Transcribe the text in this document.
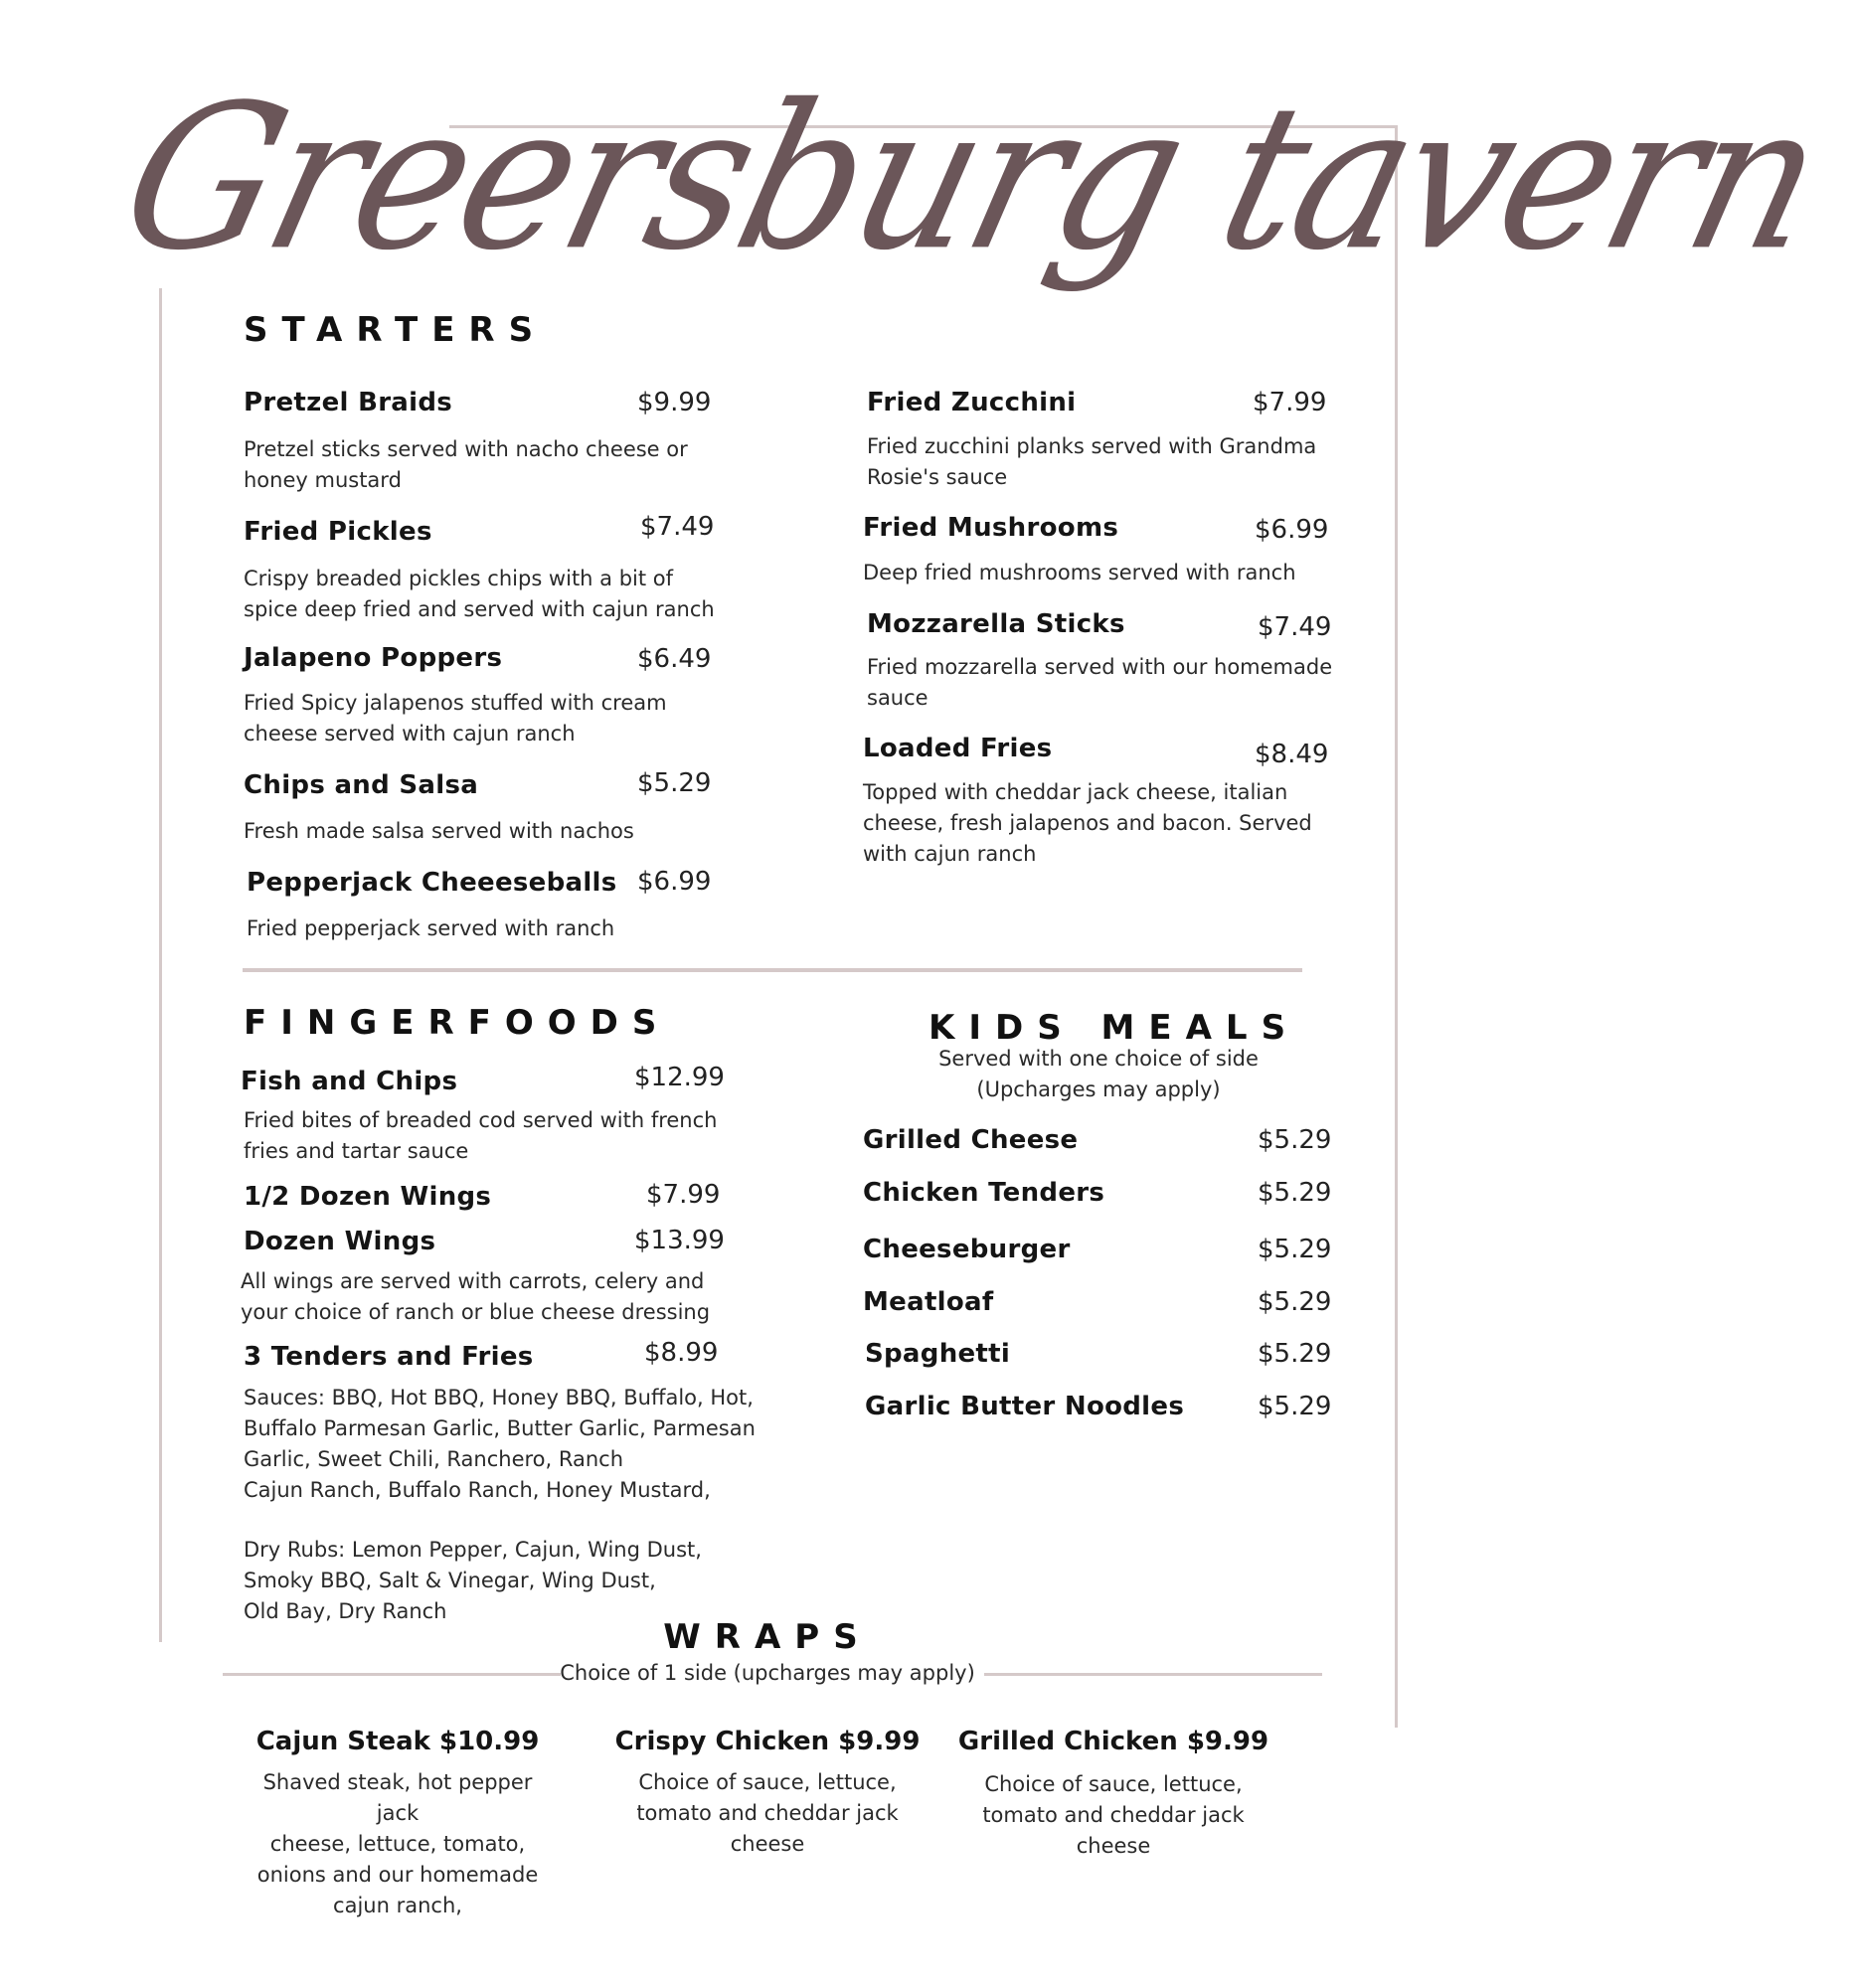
Greersburg tavern
STARTERS
Pretzel Braids	$9.99
Pretzel sticks served with nacho cheese or
honey mustard
Fried Pickles	$7.49
Crispy breaded pickles chips with a bit of
spice deep fried and served with cajun ranch
Jalapeno Poppers	$6.49
Fried Spicy jalapenos stuffed with cream
cheese served with cajun ranch
Chips and Salsa	$5.29
Fresh made salsa served with nachos
Pepperjack Cheeeseballs $6.99
Fried pepperjack served with ranch
Fried Zucchini	$7.99
Fried zucchini planks served with Grandma
Rosie's sauce
Fried Mushrooms	$6.99
Deep fried mushrooms served with ranch
Mozzarella Sticks	$7.49
Fried mozzarella served with our homemade
sauce
Loaded Fries	$8.49
Topped with cheddar jack cheese, italian
cheese, fresh jalapenos and bacon. Served
with cajun ranch
FINGERFOODS
Fish and Chips	$12.99
Fried bites of breaded cod served with french
fries and tartar sauce
1/2 Dozen Wings	$7.99
Dozen Wings	$13.99
All wings are served with carrots, celery and
your choice of ranch or blue cheese dressing
3 Tenders and Fries	$8.99
Sauces: BBQ, Hot BBQ, Honey BBQ, Buffalo, Hot,
Buffalo Parmesan Garlic, Butter Garlic, Parmesan
Garlic, Sweet Chili, Ranchero, Ranch
Cajun Ranch, Buffalo Ranch, Honey Mustard,
Dry Rubs: Lemon Pepper, Cajun, Wing Dust,
Smoky BBQ, Salt & Vinegar, Wing Dust,
Old Bay, Dry Ranch
KIDS MEALS
Served with one choice of side
(Upcharges may apply)
Grilled Cheese	$5.29
Chicken Tenders	$5.29
Cheeseburger	$5.29
Meatloaf	$5.29
Spaghetti	$5.29
Garlic Butter Noodles	$5.29
WRAPS
Choice of 1 side (upcharges may apply)
Cajun Steak $10.99
Shaved steak, hot pepper jack
cheese, lettuce, tomato,
onions and our homemade
cajun ranch,
Crispy Chicken $9.99
Choice of sauce, lettuce,
tomato and cheddar jack
cheese
Grilled Chicken $9.99
Choice of sauce, lettuce,
tomato and cheddar jack
cheese
